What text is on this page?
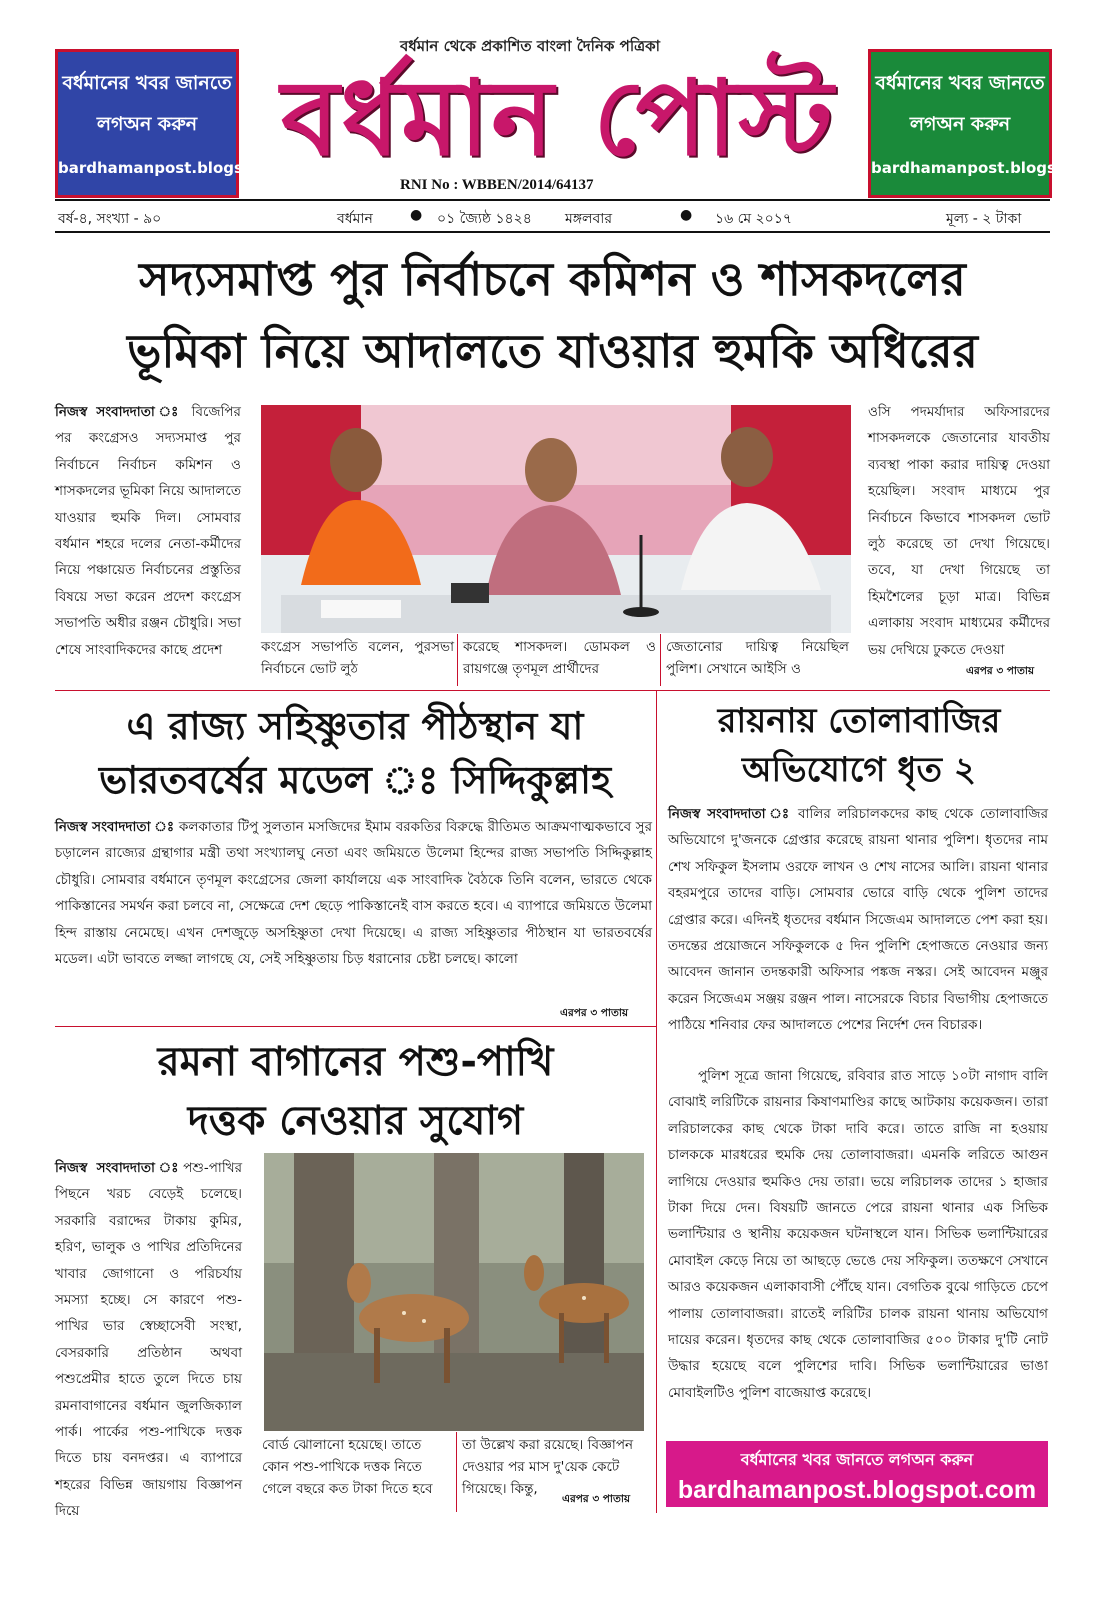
বর্ধমানের খবর জানতে
লগঅন করুন
bardhamanpost.blogspot.in
বর্ধমানের খবর জানতে
লগঅন করুন
bardhamanpost.blogspot.in
বর্ধমান থেকে প্রকাশিত বাংলা দৈনিক পত্রিকা
বর্ধমান পোস্ট
RNI No : WBBEN/2014/64137
বর্ষ-৪, সংখ্যা - ৯০	বর্ধমান	● ০১ জ্যৈষ্ঠ ১৪২৪ মঙ্গলবার	● ১৬ মে ২০১৭	মূল্য - ২ টাকা
সদ্যসমাপ্ত পুর নির্বাচনে কমিশন ও শাসকদলের
ভূমিকা নিয়ে আদালতে যাওয়ার হুমকি অধিরের
নিজস্ব সংবাদদাতা ঃ বিজেপির পর কংগ্রেসও সদ্যসমাপ্ত পুর নির্বাচনে নির্বাচন কমিশন ও শাসকদলের ভূমিকা নিয়ে আদালতে যাওয়ার হুমকি দিল। সোমবার বর্ধমান শহরে দলের নেতা-কর্মীদের নিয়ে পঞ্চায়েত নির্বাচনের প্রস্তুতির বিষয়ে সভা করেন প্রদেশ কংগ্রেস সভাপতি অধীর রঞ্জন চৌধুরি। সভা শেষে সাংবাদিকদের কাছে প্রদেশ	কংগ্রেস সভাপতি বলেন, পুরসভা নির্বাচনে ভোট লুঠ
করেছে শাসকদল। ডোমকল ও রায়গঞ্জে তৃণমূল প্রার্থীদের
জেতানোর দায়িত্ব নিয়েছিল পুলিশ। সেখানে আইসি ও
ওসি পদমর্যাদার অফিসারদের শাসকদলকে জেতানোর যাবতীয় ব্যবস্থা পাকা করার দায়িত্ব দেওয়া হয়েছিল। সংবাদ মাধ্যমে পুর নির্বাচনে কিভাবে শাসকদল ভোট লুঠ করেছে তা দেখা গিয়েছে। তবে, যা দেখা গিয়েছে তা হিমশৈলের চূড়া মাত্র। বিভিন্ন এলাকায় সংবাদ মাধ্যমের কর্মীদের ভয় দেখিয়ে ঢুকতে দেওয়া
এরপর ৩ পাতায়
এ রাজ্য সহিষ্ণুতার পীঠস্থান যা
ভারতবর্ষের মডেল ঃ সিদ্দিকুল্লাহ
নিজস্ব সংবাদদাতা ঃ কলকাতার টিপু সুলতান মসজিদের ইমাম বরকতির বিরুদ্ধে রীতিমত আক্রমণাত্মকভাবে সুর চড়ালেন রাজ্যের গ্রন্থাগার মন্ত্রী তথা সংখ্যালঘু নেতা এবং জমিয়তে উলেমা হিন্দের রাজ্য সভাপতি সিদ্দিকুল্লাহ চৌধুরি। সোমবার বর্ধমানে তৃণমূল কংগ্রেসের জেলা কার্যালয়ে এক সাংবাদিক বৈঠকে তিনি বলেন, ভারতে থেকে পাকিস্তানের সমর্থন করা চলবে না, সেক্ষেত্রে দেশ ছেড়ে পাকিস্তানেই বাস করতে হবে। এ ব্যাপারে জমিয়তে উলেমা হিন্দ রাস্তায় নেমেছে। এখন দেশজুড়ে অসহিষ্ণুতা দেখা দিয়েছে। এ রাজ্য সহিষ্ণুতার পীঠস্থান যা ভারতবর্ষের মডেল। এটা ভাবতে লজ্জা লাগছে যে, সেই সহিষ্ণুতায় চিড় ধরানোর চেষ্টা চলছে। কালো
এরপর ৩ পাতায়
রায়নায় তোলাবাজির
অভিযোগে ধৃত ২
নিজস্ব সংবাদদাতা ঃ বালির লরিচালকদের কাছ থেকে তোলাবাজির অভিযোগে দু'জনকে গ্রেপ্তার করেছে রায়না থানার পুলিশ। ধৃতদের নাম শেখ সফিকুল ইসলাম ওরফে লাখন ও শেখ নাসের আলি। রায়না থানার বহরমপুরে তাদের বাড়ি। সোমবার ভোরে বাড়ি থেকে পুলিশ তাদের গ্রেপ্তার করে। এদিনই ধৃতদের বর্ধমান সিজেএম আদালতে পেশ করা হয়। তদন্তের প্রয়োজনে সফিকুলকে ৫ দিন পুলিশি হেপাজতে নেওয়ার জন্য আবেদন জানান তদন্তকারী অফিসার পঙ্কজ নস্কর। সেই আবেদন মঞ্জুর করেন সিজেএম সঞ্জয় রঞ্জন পাল। নাসেরকে বিচার বিভাগীয় হেপাজতে পাঠিয়ে শনিবার ফের আদালতে পেশের নির্দেশ দেন বিচারক।
পুলিশ সূত্রে জানা গিয়েছে, রবিবার রাত সাড়ে ১০টা নাগাদ বালি বোঝাই লরিটিকে রায়নার কিষাণমাণ্ডির কাছে আটকায় কয়েকজন। তারা লরিচালকের কাছ থেকে টাকা দাবি করে। তাতে রাজি না হওয়ায় চালককে মারধরের হুমকি দেয় তোলাবাজরা। এমনকি লরিতে আগুন লাগিয়ে দেওয়ার হুমকিও দেয় তারা। ভয়ে লরিচালক তাদের ১ হাজার টাকা দিয়ে দেন। বিষয়টি জানতে পেরে রায়না থানার এক সিভিক ভলান্টিয়ার ও স্থানীয় কয়েকজন ঘটনাস্থলে যান। সিভিক ভলান্টিয়ারের মোবাইল কেড়ে নিয়ে তা আছড়ে ভেঙে দেয় সফিকুল। ততক্ষণে সেখানে আরও কয়েকজন এলাকাবাসী পৌঁছে যান। বেগতিক বুঝে গাড়িতে চেপে পালায় তোলাবাজরা। রাতেই লরিটির চালক রায়না থানায় অভিযোগ দায়ের করেন। ধৃতদের কাছ থেকে তোলাবাজির ৫০০ টাকার দু'টি নোট উদ্ধার হয়েছে বলে পুলিশের দাবি। সিভিক ভলান্টিয়ারের ভাঙা মোবাইলটিও পুলিশ বাজেয়াপ্ত করেছে।
রমনা বাগানের পশু-পাখি
দত্তক নেওয়ার সুযোগ
নিজস্ব সংবাদদাতা ঃপশু-পাখির পিছনে খরচ বেড়েই চলেছে। সরকারি বরাদ্দের টাকায় কুমির, হরিণ, ভালুক ও পাখির প্রতিদিনের খাবার জোগানো ও পরিচর্যায় সমস্যা হচ্ছে। সে কারণে পশু-পাখির ভার স্বেচ্ছাসেবী সংস্থা, বেসরকারি প্রতিষ্ঠান অথবা পশুপ্রেমীর হাতে তুলে দিতে চায় রমনাবাগানের বর্ধমান জুলজিক্যাল পার্ক। পার্কের পশু-পাখিকে দত্তক দিতে চায় বনদপ্তর। এ ব্যাপারে শহরের বিভিন্ন জায়গায় বিজ্ঞাপন দিয়ে
বোর্ড ঝোলানো হয়েছে। তাতে কোন পশু-পাখিকে দত্তক নিতে গেলে বছরে কত টাকা দিতে হবে
তা উল্লেখ করা রয়েছে। বিজ্ঞাপন দেওয়ার পর মাস দু'য়েক কেটে গিয়েছে। কিন্তু,
এরপর ৩ পাতায়
বর্ধমানের খবর জানতে লগঅন করুন
bardhamanpost.blogspot.com
